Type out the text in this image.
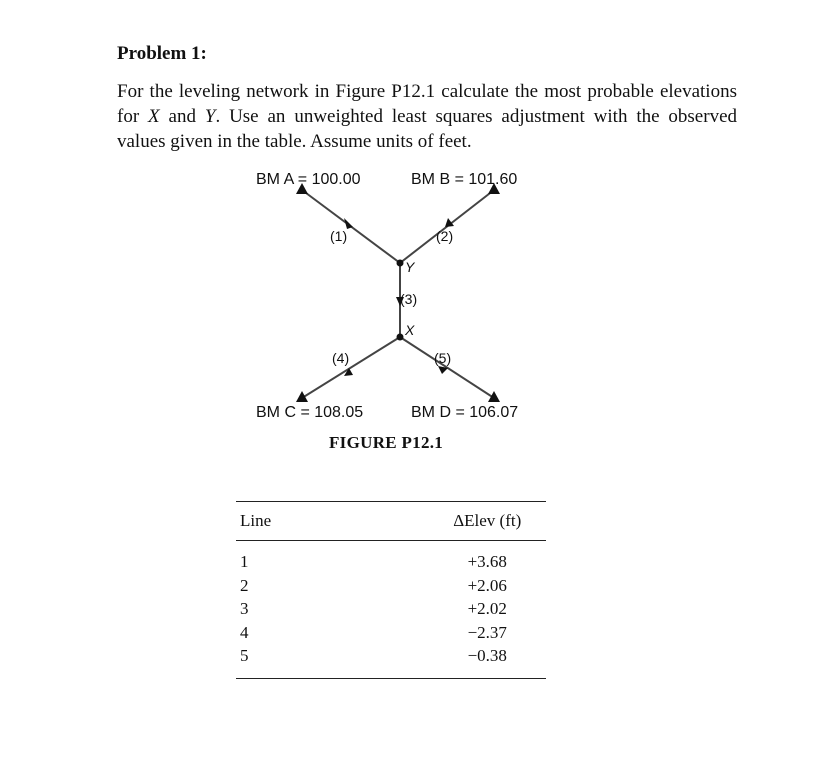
Problem 1:
For the leveling network in Figure P12.1 calculate the most probable elevations for X and Y. Use an unweighted least squares adjustment with the observed values given in the table. Assume units of feet.
BM A = 100.00	BM B = 101.60
BM C = 108.05	BM D = 106.07
(1)	(2)
(3)
(4)	(5)
Y
X
FIGURE P12.1
Line	ΔElev (ft)
1	+3.68
2	+2.06
3	+2.02
4	−2.37
5	−0.38
